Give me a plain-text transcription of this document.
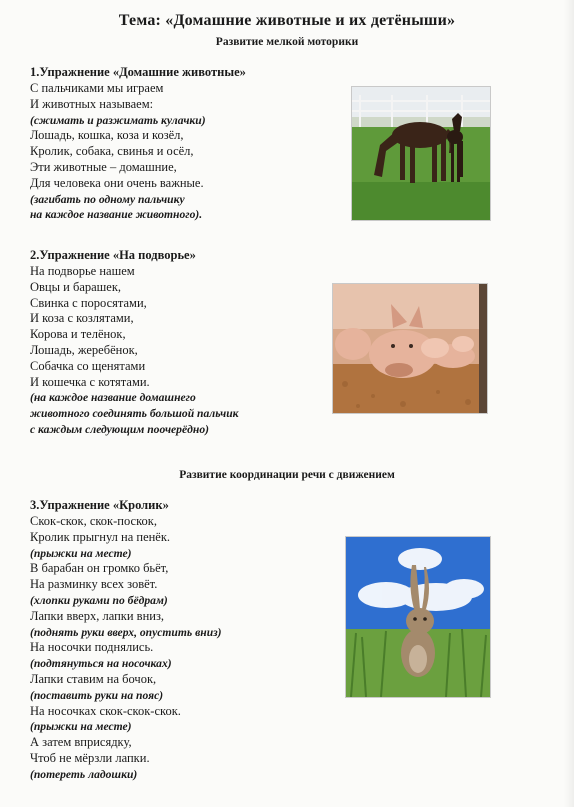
Тема: «Домашние животные и их детёныши»
Развитие мелкой моторики
1.Упражнение «Домашние животные»
С пальчиками мы играем
И животных называем:
(сжимать и разжимать кулачки)
Лошадь, кошка, коза и козёл,
Кролик, собака, свинья и осёл,
Эти животные – домашние,
Для человека они очень важные.
(загибать по одному пальчику
на каждое название животного).
2.Упражнение «На подворье»
На подворье нашем
Овцы и барашек,
Свинка с поросятами,
И коза с козлятами,
Корова и телёнок,
Лошадь, жеребёнок,
Собачка со щенятами
И кошечка с котятами.
(на каждое название домашнего
животного соединять большой пальчик
с каждым следующим поочерёдно)
Развитие координации речи с движением
3.Упражнение «Кролик»
Скок-скок, скок-поскок,
Кролик прыгнул на пенёк.
(прыжки на месте)
В барабан он громко бьёт,
На разминку всех зовёт.
(хлопки руками по бёдрам)
Лапки вверх, лапки вниз,
(поднять руки вверх, опустить вниз)
На носочки поднялись.
(подтянуться на носочках)
Лапки ставим на бочок,
(поставить руки на пояс)
На носочках скок-скок-скок.
(прыжки на месте)
А затем вприсядку,
Чтоб не мёрзли лапки.
(потереть ладошки)
